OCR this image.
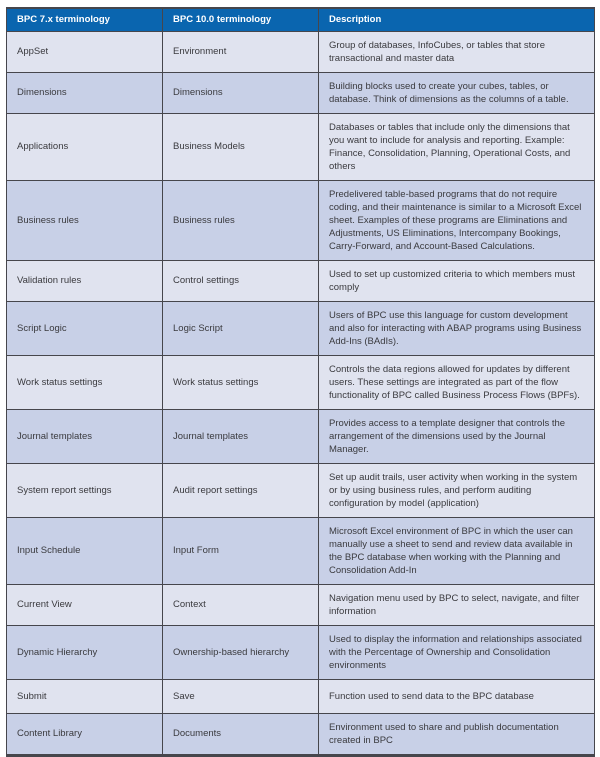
BPC 7.x terminology	BPC 10.0 terminology	Description
AppSet	Environment	Group of databases, InfoCubes, or tables that store transactional and master data
Dimensions	Dimensions	Building blocks used to create your cubes, tables, or database. Think of dimensions as the columns of a table.
Applications	Business Models	Databases or tables that include only the dimensions that you want to include for analysis and reporting. Example: Finance, Consolidation, Planning, Operational Costs, and others
Business rules	Business rules	Predelivered table-based programs that do not require coding, and their maintenance is similar to a Microsoft Excel sheet. Examples of these programs are Eliminations and Adjustments, US Eliminations, Intercompany Bookings, Carry-Forward, and Account-Based Calculations.
Validation rules	Control settings	Used to set up customized criteria to which members must comply
Script Logic	Logic Script	Users of BPC use this language for custom development and also for interacting with ABAP programs using Business Add-Ins (BAdIs).
Work status settings	Work status settings	Controls the data regions allowed for updates by different users. These settings are integrated as part of the flow functionality of BPC called Business Process Flows (BPFs).
Journal templates	Journal templates	Provides access to a template designer that controls the arrangement of the dimensions used by the Journal Manager.
System report settings	Audit report settings	Set up audit trails, user activity when working in the system or by using business rules, and perform auditing configuration by model (application)
Input Schedule	Input Form	Microsoft Excel environment of BPC in which the user can manually use a sheet to send and review data available in the BPC database when working with the Planning and Consolidation Add-In
Current View	Context	Navigation menu used by BPC to select, navigate, and filter information
Dynamic Hierarchy	Ownership-based hierarchy	Used to display the information and relationships associated with the Percentage of Ownership and Consolidation environments
Submit	Save	Function used to send data to the BPC database
Content Library	Documents	Environment used to share and publish documentation created in BPC
